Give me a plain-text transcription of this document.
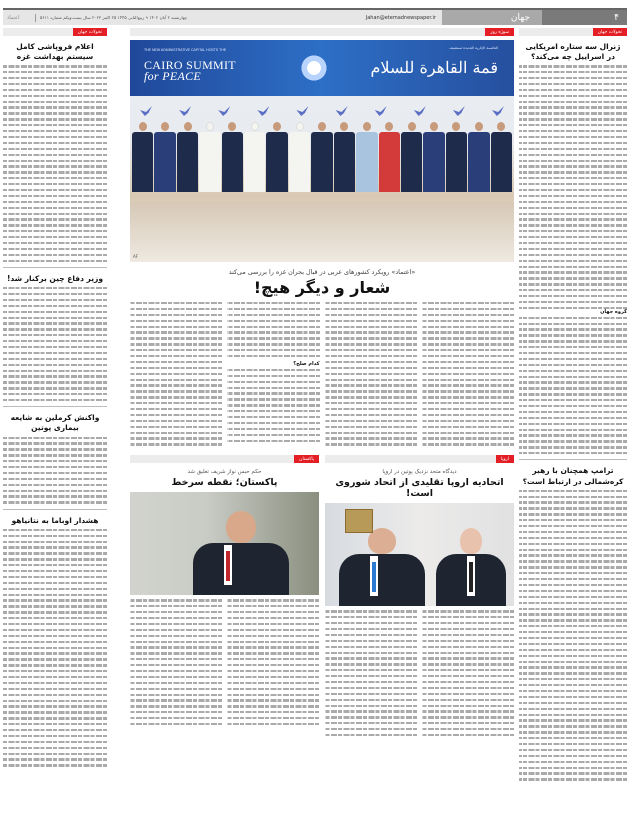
اعتماد	چهارشنبه ۲ آبان ۱۴۰۲ ۹ ربیع‌الثانی ۱۴۴۵ ۲۵ اکتبر ۲۰۲۳ سال بیست‌ویکم شماره ۵۶۱۱	Jahan@etemadnewspaper.ir	جهان	۴
تحولات جهان
ژنرال سه ستاره امریکایی در اسراییل چه می‌کند؟
گروه جهان
ترامپ همچنان با رهبر کره‌شمالی در ارتباط است؟
سوژه روز
THE NEW ADMINISTRATIVE CAPITAL HOSTS THE
CAIRO SUMMIT
for PEACE
العاصمة الإدارية الجديدة تستضيف
قمة القاهرة للسلام
AF
«اعتماد» رویکرد کشورهای عربی در قبال بحران غزه را بررسی می‌کند
شعار و دیگر هیچ!
کدام صلح؟
اروپا
دیدگاه متحد نزدیک پوتین در اروپا
اتحادیه اروپا تقلیدی از اتحاد شوروی است!
پاکستان
حکم حبس نواز شریف تعلیق شد
پاکستان؛ نقطه سرخط
تحولات جهان
اعلام فروپاشی کامل سیستم بهداشت غزه
وزیر دفاع چین برکنار شد!
واکنش کرملین به شایعه بیماری پوتین
هشدار اوباما به نتانیاهو
